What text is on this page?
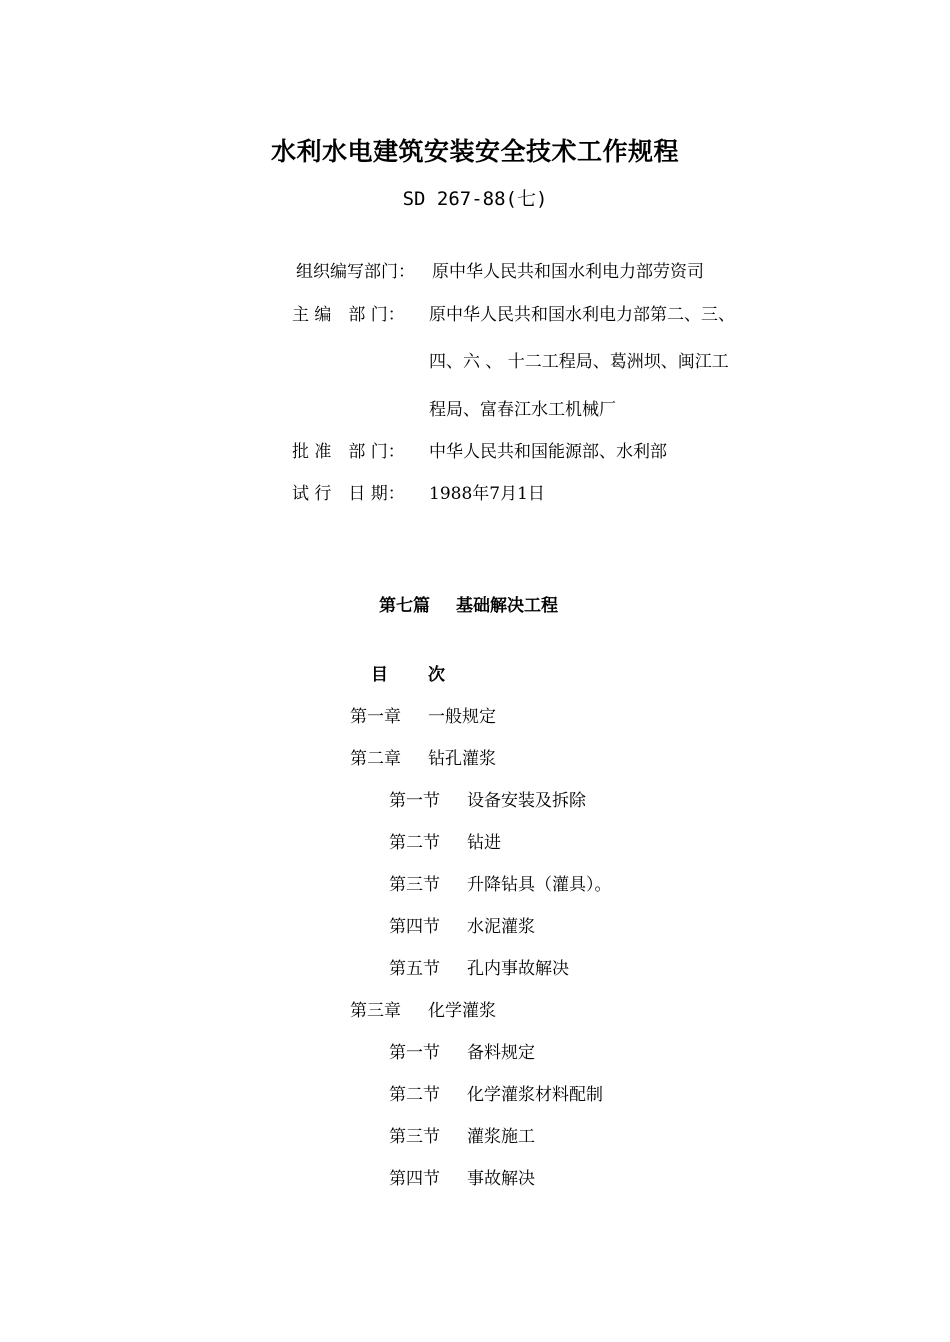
水利水电建筑安装安全技术工作规程
SD 267-88(七)
组织编写部门： 原中华人民共和国水利电力部劳资司
主 编　部 门： 原中华人民共和国水利电力部第二、三、
四、六 、 十二工程局、葛洲坝、闽江工
程局、富春江水工机械厂
批 准　部 门： 中华人民共和国能源部、水利部
试 行　日 期： 1988年7月1日
第七篇 基础解决工程
目 次
第一章 一般规定
第二章 钻孔灌浆
第一节 设备安装及拆除
第二节 钻进
第三节 升降钻具（灌具）。
第四节 水泥灌浆
第五节 孔内事故解决
第三章 化学灌浆
第一节 备料规定
第二节 化学灌浆材料配制
第三节 灌浆施工
第四节 事故解决
